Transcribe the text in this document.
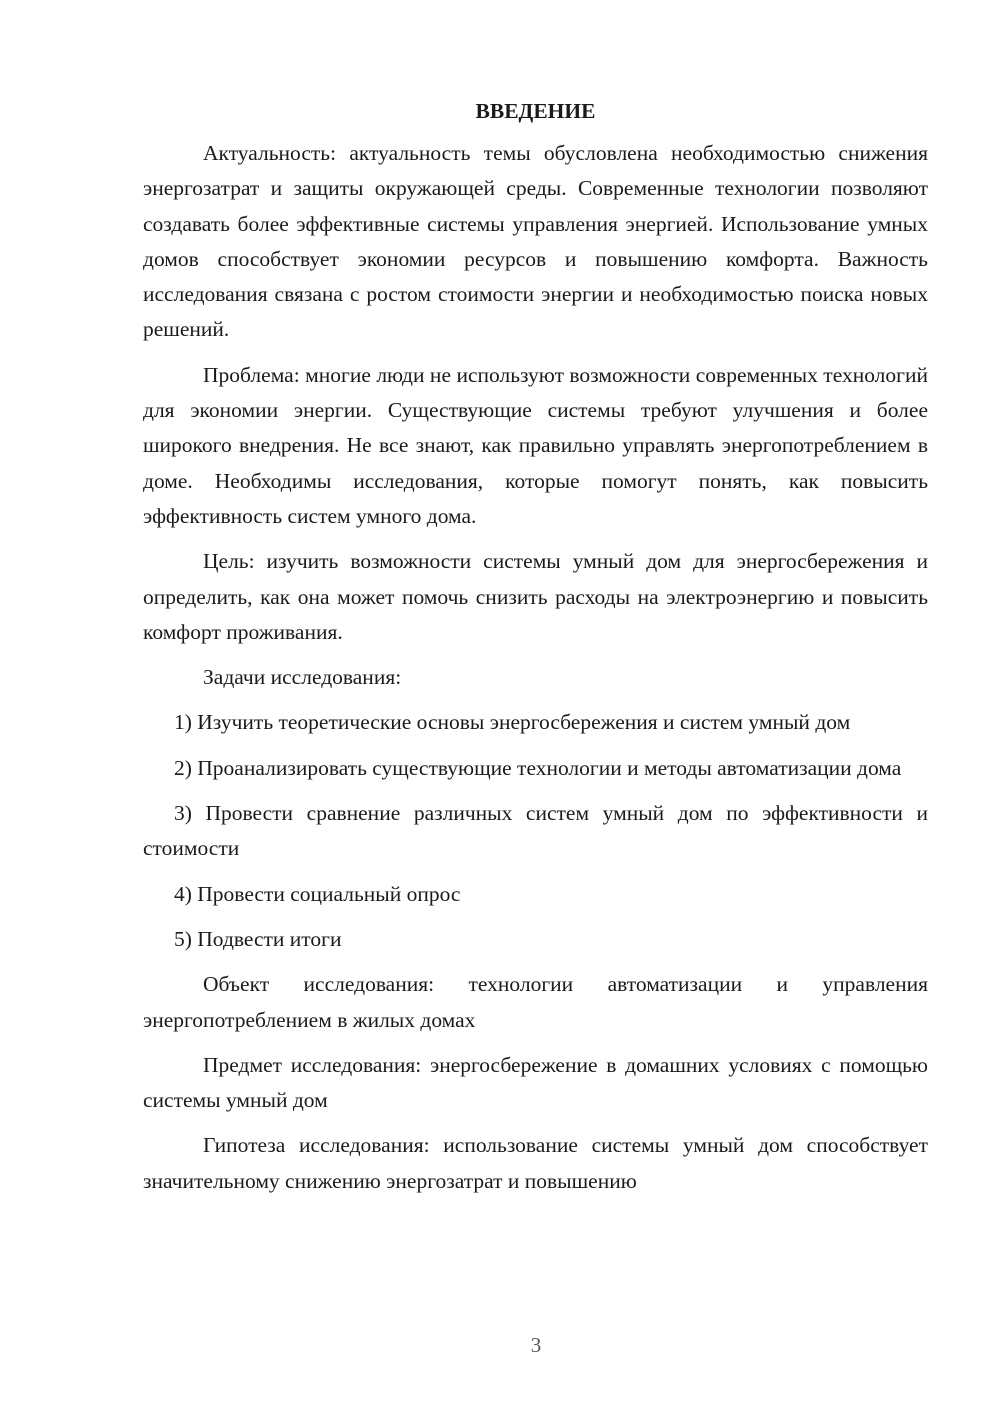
ВВЕДЕНИЕ

Актуальность: актуальность темы обусловлена необходимостью снижения энергозатрат и защиты окружающей среды. Современные технологии позволяют создавать более эффективные системы управления энергией. Использование умных домов способствует экономии ресурсов и повышению комфорта. Важность исследования связана с ростом стоимости энергии и необходимостью поиска новых решений.

Проблема: многие люди не используют возможности современных технологий для экономии энергии. Существующие системы требуют улучшения и более широкого внедрения. Не все знают, как правильно управлять энергопотреблением в доме. Необходимы исследования, которые помогут понять, как повысить эффективность систем умного дома.

Цель: изучить возможности системы умный дом для энергосбережения и определить, как она может помочь снизить расходы на электроэнергию и повысить комфорт проживания.

Задачи исследования:

1) Изучить теоретические основы энергосбережения и систем умный дом

2) Проанализировать существующие технологии и методы автоматизации дома

3) Провести сравнение различных систем умный дом по эффективности и стоимости

4) Провести социальный опрос

5) Подвести итоги

Объект исследования: технологии автоматизации и управления энергопотреблением в жилых домах

Предмет исследования: энергосбережение в домашних условиях с помощью системы умный дом

Гипотеза исследования: использование системы умный дом способствует значительному снижению энергозатрат и повышению

3
